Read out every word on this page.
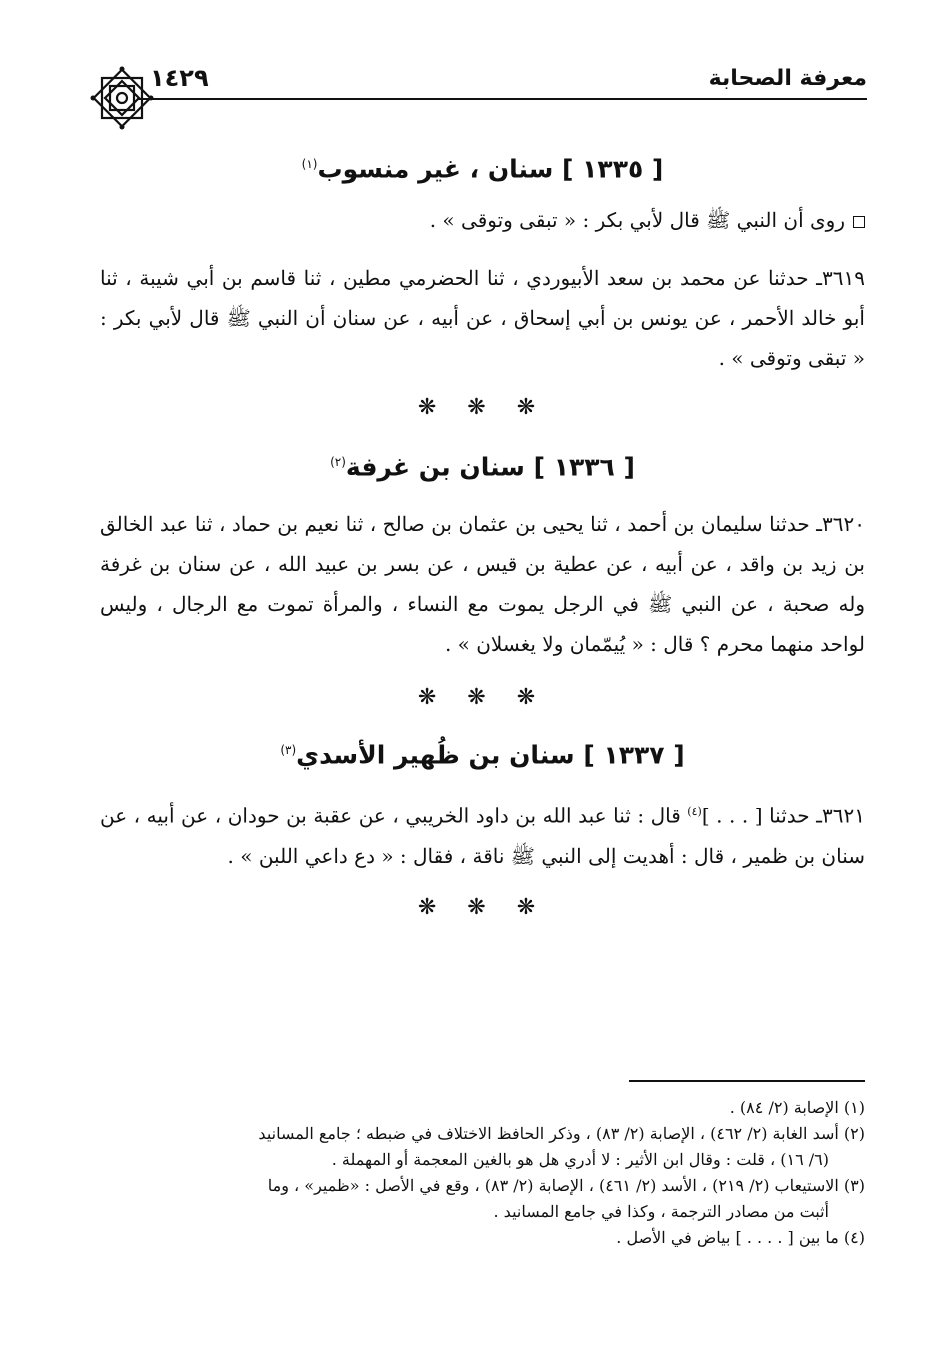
معرفة الصحابة
١٤٢٩
[ ١٣٣٥ ] سنان ، غير منسوب$^{(١)}$

روى أن النبي ﷺ قال لأبي بكر : « تبقى وتوقى » .

٣٦١٩ـ حدثنا عن محمد بن سعد الأبيوردي ، ثنا الحضرمي مطين ، ثنا قاسم بن أبي شيبة ، ثنا أبو خالد الأحمر ، عن يونس بن أبي إسحاق ، عن أبيه ، عن سنان أن النبي ﷺ قال لأبي بكر : « تبقى وتوقى » .

❋ ❋ ❋

[ ١٣٣٦ ] سنان بن غرفة$^{(٢)}$

٣٦٢٠ـ حدثنا سليمان بن أحمد ، ثنا يحيى بن عثمان بن صالح ، ثنا نعيم بن حماد ، ثنا عبد الخالق بن زيد بن واقد ، عن أبيه ، عن عطية بن قيس ، عن بسر بن عبيد الله ، عن سنان بن غرفة وله صحبة ، عن النبي ﷺ في الرجل يموت مع النساء ، والمرأة تموت مع الرجال ، وليس لواحد منهما محرم ؟ قال : « يُيمّمان ولا يغسلان » .

❋ ❋ ❋

[ ١٣٣٧ ] سنان بن ظُهير الأسدي$^{(٣)}$

٣٦٢١ـ حدثنا [ . . . ]$^{(٤)}$ قال : ثنا عبد الله بن داود الخريبي ، عن عقبة بن حودان ، عن أبيه ، عن سنان بن ظمير ، قال : أهديت إلى النبي ﷺ ناقة ، فقال : « دع داعي اللبن » .

❋ ❋ ❋

(١) الإصابة (٢/ ٨٤) .

(٢) أسد الغابة (٢/ ٤٦٢) ، الإصابة (٢/ ٨٣) ، وذكر الحافظ الاختلاف في ضبطه ؛ جامع المسانيد

(٦/ ١٦) ، قلت : وقال ابن الأثير : لا أدري هل هو بالغين المعجمة أو المهملة .

(٣) الاستيعاب (٢/ ٢١٩) ، الأسد (٢/ ٤٦١) ، الإصابة (٢/ ٨٣) ، وقع في الأصل : «ظمير» ، وما

أثبت من مصادر الترجمة ، وكذا في جامع المسانيد .

(٤) ما بين [ . . . . ] بياض في الأصل .
